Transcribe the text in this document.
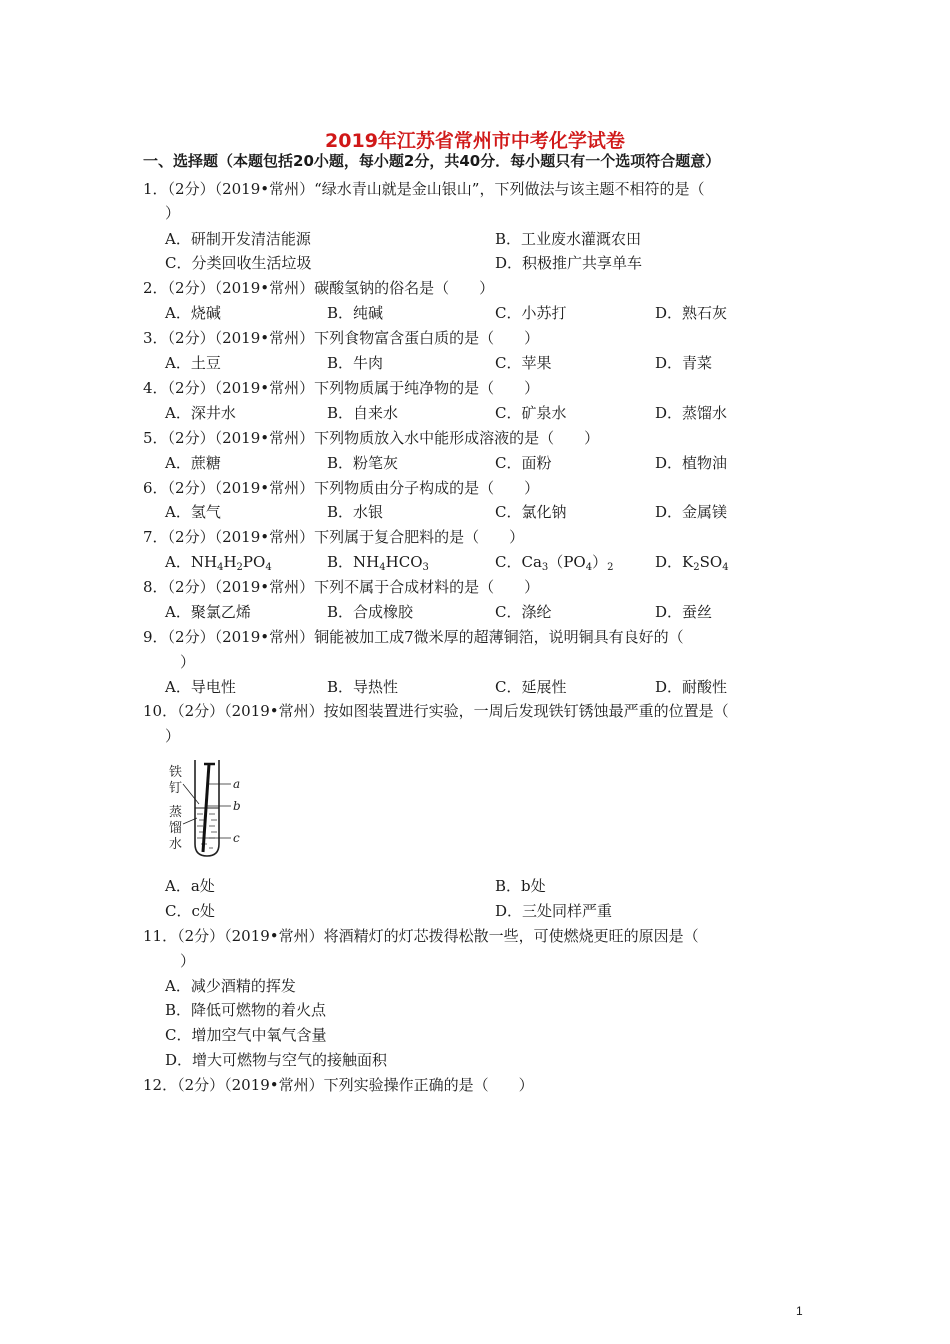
2019年江苏省常州市中考化学试卷
一、选择题（本题包括20小题，每小题2分，共40分．每小题只有一个选项符合题意）
1．（2分）（2019•常州）“绿水青山就是金山银山”，下列做法与该主题不相符的是（
）
A．研制开发清洁能源	B．工业废水灌溉农田
C．分类回收生活垃圾	D．积极推广共享单车
2．（2分）（2019•常州）碳酸氢钠的俗名是（　　）
A．烧碱	B．纯碱	C．小苏打	D．熟石灰
3．（2分）（2019•常州）下列食物富含蛋白质的是（　　）
A．土豆	B．牛肉	C．苹果	D．青菜
4．（2分）（2019•常州）下列物质属于纯净物的是（　　）
A．深井水	B．自来水	C．矿泉水	D．蒸馏水
5．（2分）（2019•常州）下列物质放入水中能形成溶液的是（　　）
A．蔗糖	B．粉笔灰	C．面粉	D．植物油
6．（2分）（2019•常州）下列物质由分子构成的是（　　）
A．氢气	B．水银	C．氯化钠	D．金属镁
7．（2分）（2019•常州）下列属于复合肥料的是（　　）
A．$NH_4H_2PO_4$	B．$NH_4HCO_3$	C．$Ca_3(PO_4)_2$	D．$K_2SO_4$
8．（2分）（2019•常州）下列不属于合成材料的是（　　）
A．聚氯乙烯	B．合成橡胶	C．涤纶	D．蚕丝
9．（2分）（2019•常州）铜能被加工成7微米厚的超薄铜箔，说明铜具有良好的（
）
A．导电性	B．导热性	C．延展性	D．耐酸性
10．（2分）（2019•常州）按如图装置进行实验，一周后发现铁钉锈蚀最严重的位置是（
）
铁
钉
蒸
馏
水
a
b
c
A．a处	B．b处
C．c处	D．三处同样严重
11．（2分）（2019•常州）将酒精灯的灯芯拨得松散一些，可使燃烧更旺的原因是（
）
A．减少酒精的挥发
B．降低可燃物的着火点
C．增加空气中氧气含量
D．增大可燃物与空气的接触面积
12．（2分）（2019•常州）下列实验操作正确的是（　　）
1
